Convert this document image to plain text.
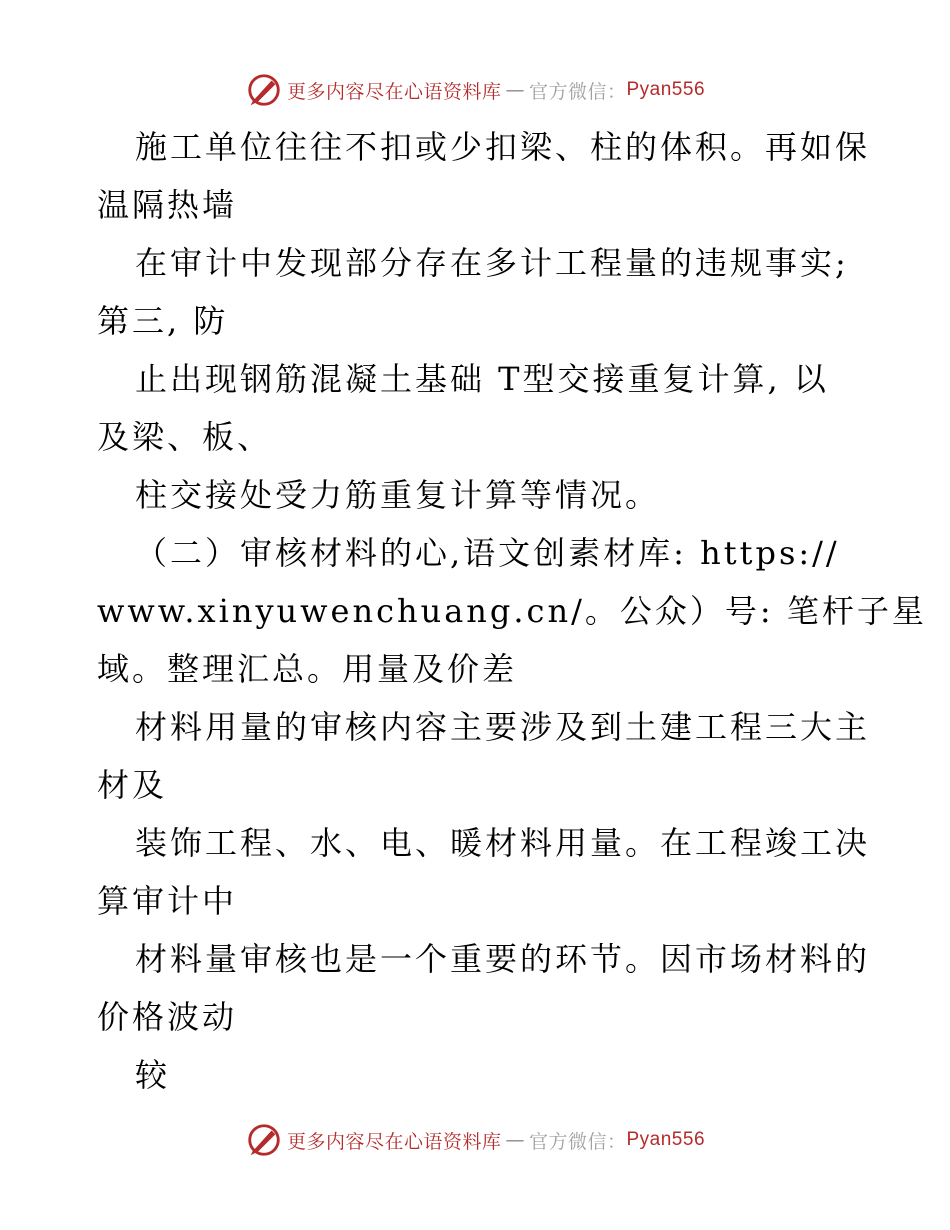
更多内容尽在心语资料库 — 官方微信： Pyan556

施工单位往往不扣或少扣梁、柱的体积。再如保

温隔热墙

在审计中发现部分存在多计工程量的违规事实;

第三, 防

止出现钢筋混凝土基础 T型交接重复计算, 以

及梁、板、

柱交接处受力筋重复计算等情况。

（二）审核材料的心,语文创素材库: https://

www.xinyuwenchuang.cn/。公众）号: 笔杆子星

域。整理汇总。用量及价差

材料用量的审核内容主要涉及到土建工程三大主

材及

装饰工程、水、电、暖材料用量。在工程竣工决

算审计中

材料量审核也是一个重要的环节。因市场材料的

价格波动

较

更多内容尽在心语资料库 — 官方微信： Pyan556
